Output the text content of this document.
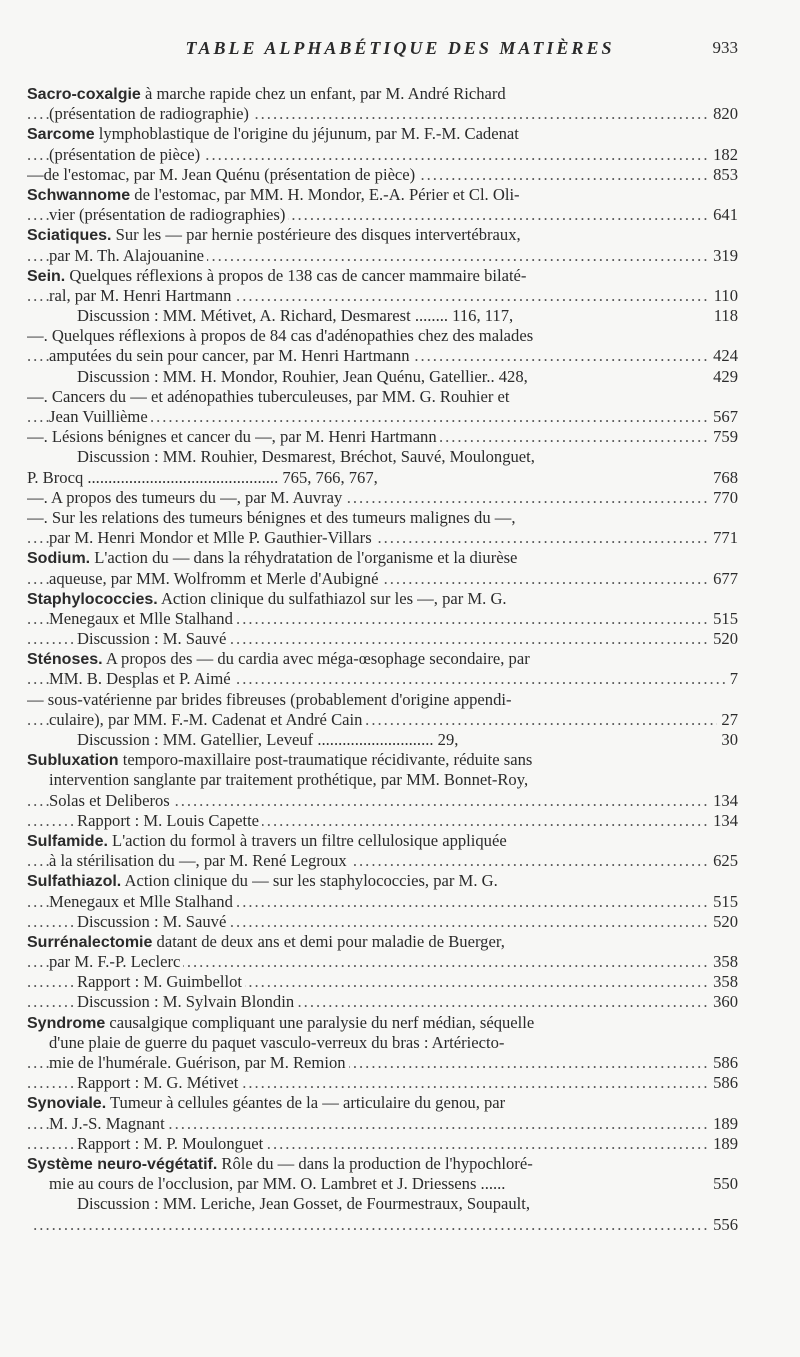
TABLE ALPHABÉTIQUE DES MATIÈRES	933
Sacro-coxalgie à marche rapide chez un enfant, par M. André Richard
..... (présentation de radiographie)	820
Sarcome lymphoblastique de l'origine du jéjunum, par M. F.-M. Cadenat
..... (présentation de pièce)	182
..... —de l'estomac, par M. Jean Quénu (présentation de pièce)	853
Schwannome de l'estomac, par MM. H. Mondor, E.-A. Périer et Cl. Oli-
..... vier (présentation de radiographies)	641
Sciatiques. Sur les — par hernie postérieure des disques intervertébraux,
..... par M. Th. Alajouanine	319
Sein. Quelques réflexions à propos de 138 cas de cancer mammaire bilaté-
..... ral, par M. Henri Hartmann	110
Discussion : MM. Métivet, A. Richard, Desmarest ........ 116, 117,	118
—. Quelques réflexions à propos de 84 cas d'adénopathies chez des malades
..... amputées du sein pour cancer, par M. Henri Hartmann	424
Discussion : MM. H. Mondor, Rouhier, Jean Quénu, Gatellier.. 428,	429
—. Cancers du — et adénopathies tuberculeuses, par MM. G. Rouhier et
..... Jean Vuillième	567
..... —. Lésions bénignes et cancer du —, par M. Henri Hartmann	759
Discussion : MM. Rouhier, Desmarest, Bréchot, Sauvé, Moulonguet,
P. Brocq .............................................. 765, 766, 767,	768
..... —. A propos des tumeurs du —, par M. Auvray	770
—. Sur les relations des tumeurs bénignes et des tumeurs malignes du —,
..... par M. Henri Mondor et Mlle P. Gauthier-Villars	771
Sodium. L'action du — dans la réhydratation de l'organisme et la diurèse
..... aqueuse, par MM. Wolfromm et Merle d'Aubigné	677
Staphylococcies. Action clinique du sulfathiazol sur les —, par M. G.
..... Menegaux et Mlle Stalhand	515
..... Discussion : M. Sauvé	520
Sténoses. A propos des — du cardia avec méga-œsophage secondaire, par
..... MM. B. Desplas et P. Aimé	7
— sous-vatérienne par brides fibreuses (probablement d'origine appendi-
..... culaire), par MM. F.-M. Cadenat et André Cain	27
Discussion : MM. Gatellier, Leveuf ............................ 29,	30
Subluxation temporo-maxillaire post-traumatique récidivante, réduite sans
intervention sanglante par traitement prothétique, par MM. Bonnet-Roy,
..... Solas et Deliberos	134
..... Rapport : M. Louis Capette	134
Sulfamide. L'action du formol à travers un filtre cellulosique appliquée
..... à la stérilisation du —, par M. René Legroux	625
Sulfathiazol. Action clinique du — sur les staphylococcies, par M. G.
..... Menegaux et Mlle Stalhand	515
..... Discussion : M. Sauvé	520
Surrénalectomie datant de deux ans et demi pour maladie de Buerger,
..... par M. F.-P. Leclerc	358
..... Rapport : M. Guimbellot	358
..... Discussion : M. Sylvain Blondin	360
Syndrome causalgique compliquant une paralysie du nerf médian, séquelle
d'une plaie de guerre du paquet vasculo-verreux du bras : Artériecto-
..... mie de l'humérale. Guérison, par M. Remion	586
..... Rapport : M. G. Métivet	586
Synoviale. Tumeur à cellules géantes de la — articulaire du genou, par
..... M. J.-S. Magnant	189
..... Rapport : M. P. Moulonguet	189
Système neuro-végétatif. Rôle du — dans la production de l'hypochloré-
mie au cours de l'occlusion, par MM. O. Lambret et J. Driessens ......	550
Discussion : MM. Leriche, Jean Gosset, de Fourmestraux, Soupault,
..... 556
